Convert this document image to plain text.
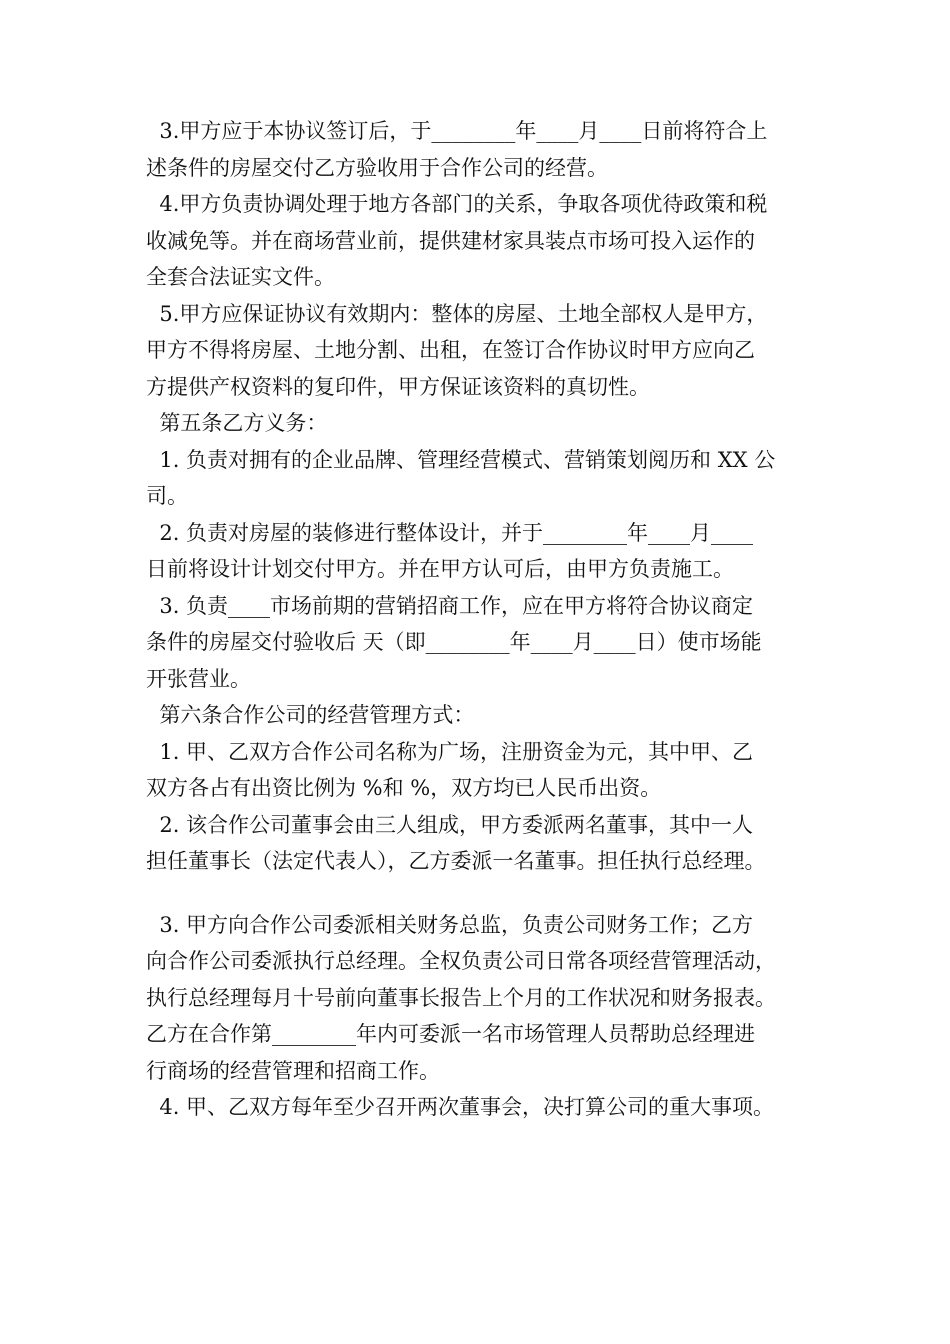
3.甲方应于本协议签订后，于________年____月____日前将符合上
述条件的房屋交付乙方验收用于合作公司的经营。
4.甲方负责协调处理于地方各部门的关系，争取各项优待政策和税
收减免等。并在商场营业前，提供建材家具装点市场可投入运作的
全套合法证实文件。
5.甲方应保证协议有效期内：整体的房屋、土地全部权人是甲方，
甲方不得将房屋、土地分割、出租，在签订合作协议时甲方应向乙
方提供产权资料的复印件，甲方保证该资料的真切性。
第五条乙方义务：
1. 负责对拥有的企业品牌、管理经营模式、营销策划阅历和 XX 公
司。
2. 负责对房屋的装修进行整体设计，并于________年____月____
日前将设计计划交付甲方。并在甲方认可后，由甲方负责施工。
3. 负责____市场前期的营销招商工作，应在甲方将符合协议商定
条件的房屋交付验收后 天（即________年____月____日）使市场能
开张营业。
第六条合作公司的经营管理方式：
1. 甲、乙双方合作公司名称为广场，注册资金为元，其中甲、乙
双方各占有出资比例为 %和 %，双方均已人民币出资。
2. 该合作公司董事会由三人组成，甲方委派两名董事，其中一人
担任董事长（法定代表人），乙方委派一名董事。担任执行总经理。
3. 甲方向合作公司委派相关财务总监，负责公司财务工作；乙方
向合作公司委派执行总经理。全权负责公司日常各项经营管理活动，
执行总经理每月十号前向董事长报告上个月的工作状况和财务报表。
乙方在合作第________年内可委派一名市场管理人员帮助总经理进
行商场的经营管理和招商工作。
4. 甲、乙双方每年至少召开两次董事会，决打算公司的重大事项。
